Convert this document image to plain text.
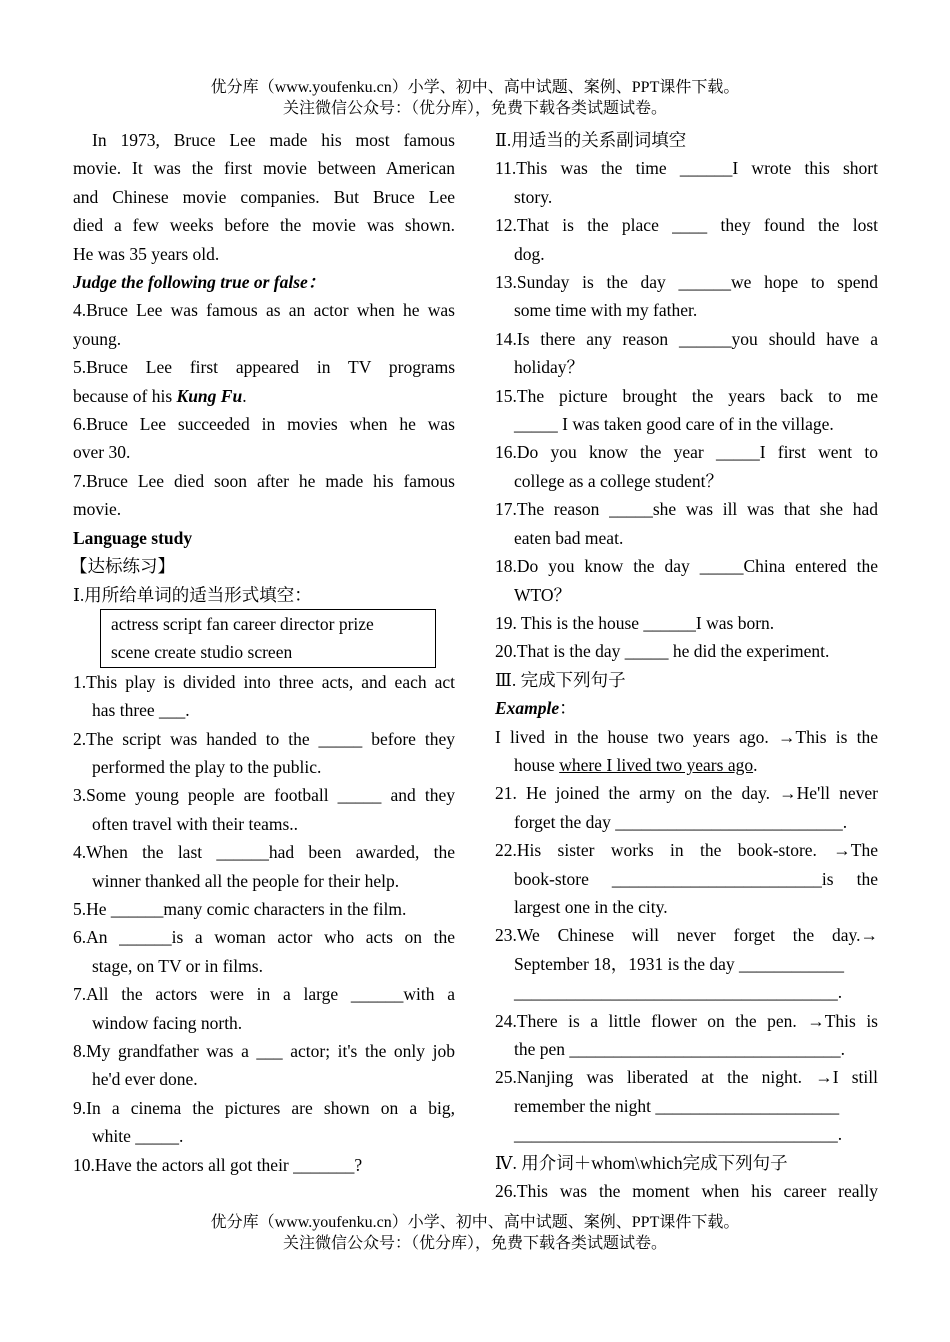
优分库（www.youfenku.cn）小学、初中、高中试题、案例、PPT课件下载。
关注微信公众号：（优分库），免费下载各类试题试卷。

In 1973, Bruce Lee made his most famous

movie. It was the first movie between American

and Chinese movie companies. But Bruce Lee

died a few weeks before the movie was shown.

He was 35 years old.

Judge the following true or false：

4.Bruce Lee was famous as an actor when he was

young.

5.Bruce Lee first appeared in TV programs

because of his Kung Fu.

6.Bruce Lee succeeded in movies when he was

over 30.

7.Bruce Lee died soon after he made his famous

movie.

Language study

【达标练习】

Ⅰ.用所给单词的适当形式填空：

actress script fan career director prize
scene create studio screen

1.This play is divided into three acts, and each act

has three ___.

2.The script was handed to the _____ before they

performed the play to the public.

3.Some young people are football _____ and they

often travel with their teams..

4.When the last ______had been awarded, the

winner thanked all the people for their help.

5.He ______many comic characters in the film.

6.An ______is a woman actor who acts on the

stage, on TV or in films.

7.All the actors were in a large ______with a

window facing north.

8.My grandfather was a ___ actor; it's the only job

he'd ever done.

9.In a cinema the pictures are shown on a big,

white _____.

10.Have the actors all got their _______?

Ⅱ.用适当的关系副词填空

11.This was the time ______I wrote this short

story.

12.That is the place ____ they found the lost

dog.

13.Sunday is the day ______we hope to spend

some time with my father.

14.Is there any reason ______you should have a

holiday？

15.The picture brought the years back to me

_____ I was taken good care of in the village.

16.Do you know the year _____I first went to

college as a college student？

17.The reason _____she was ill was that she had

eaten bad meat.

18.Do you know the day _____China entered the

WTO？

19. This is the house ______I was born.

20.That is the day _____ he did the experiment.

Ⅲ. 完成下列句子

Example：

I lived in the house two years ago. →This is the

house where I lived two years ago.

21. He joined the army on the day. →He'll never

forget the day __________________________.

22.His sister works in the book-store. →The

book-store ________________________is the

largest one in the city.

23.We Chinese will never forget the day.→

September 18，1931 is the day ____________

_____________________________________.

24.There is a little flower on the pen. →This is

the pen _______________________________.

25.Nanjing was liberated at the night. →I still

remember the night _____________________

_____________________________________.

Ⅳ. 用介词＋whom\which完成下列句子

26.This was the moment when his career really

优分库（www.youfenku.cn）小学、初中、高中试题、案例、PPT课件下载。
关注微信公众号：（优分库），免费下载各类试题试卷。
